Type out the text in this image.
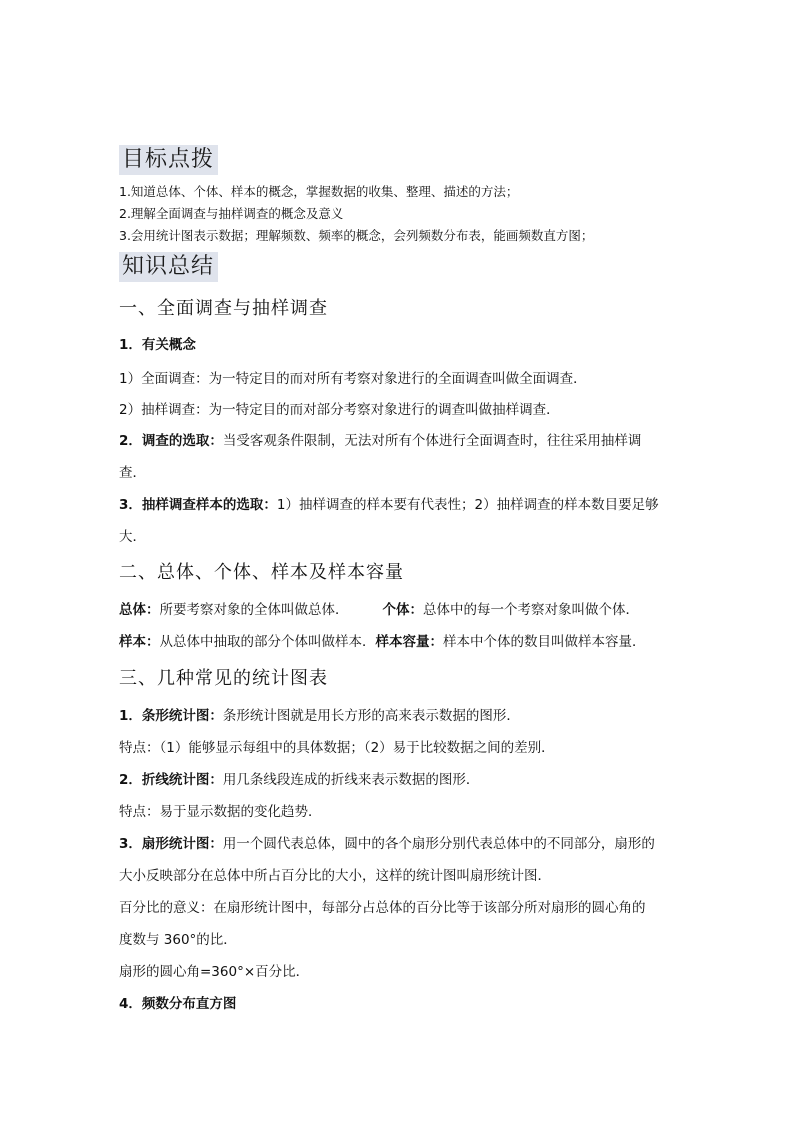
目标点拨
1.知道总体、个体、样本的概念，掌握数据的收集、整理、描述的方法；
2.理解全面调查与抽样调查的概念及意义
3.会用统计图表示数据；理解频数、频率的概念，会列频数分布表，能画频数直方图；
知识总结
一、全面调查与抽样调查
1．有关概念
1）全面调查：为一特定目的而对所有考察对象进行的全面调查叫做全面调查．
2）抽样调查：为一特定目的而对部分考察对象进行的调查叫做抽样调查．
2．调查的选取：当受客观条件限制，无法对所有个体进行全面调查时，往往采用抽样调
查．
3．抽样调查样本的选取：1）抽样调查的样本要有代表性；2）抽样调查的样本数目要足够
大．
二、总体、个体、样本及样本容量
总体：所要考察对象的全体叫做总体．	个体：总体中的每一个考察对象叫做个体．
样本：从总体中抽取的部分个体叫做样本．样本容量：样本中个体的数目叫做样本容量．
三、几种常见的统计图表
1．条形统计图：条形统计图就是用长方形的高来表示数据的图形．
特点：（1）能够显示每组中的具体数据；（2）易于比较数据之间的差别．
2．折线统计图：用几条线段连成的折线来表示数据的图形．
特点：易于显示数据的变化趋势．
3．扇形统计图：用一个圆代表总体，圆中的各个扇形分别代表总体中的不同部分，扇形的
大小反映部分在总体中所占百分比的大小，这样的统计图叫扇形统计图．
百分比的意义：在扇形统计图中，每部分占总体的百分比等于该部分所对扇形的圆心角的
度数与 360°的比．
扇形的圆心角=360°×百分比．
4．频数分布直方图
